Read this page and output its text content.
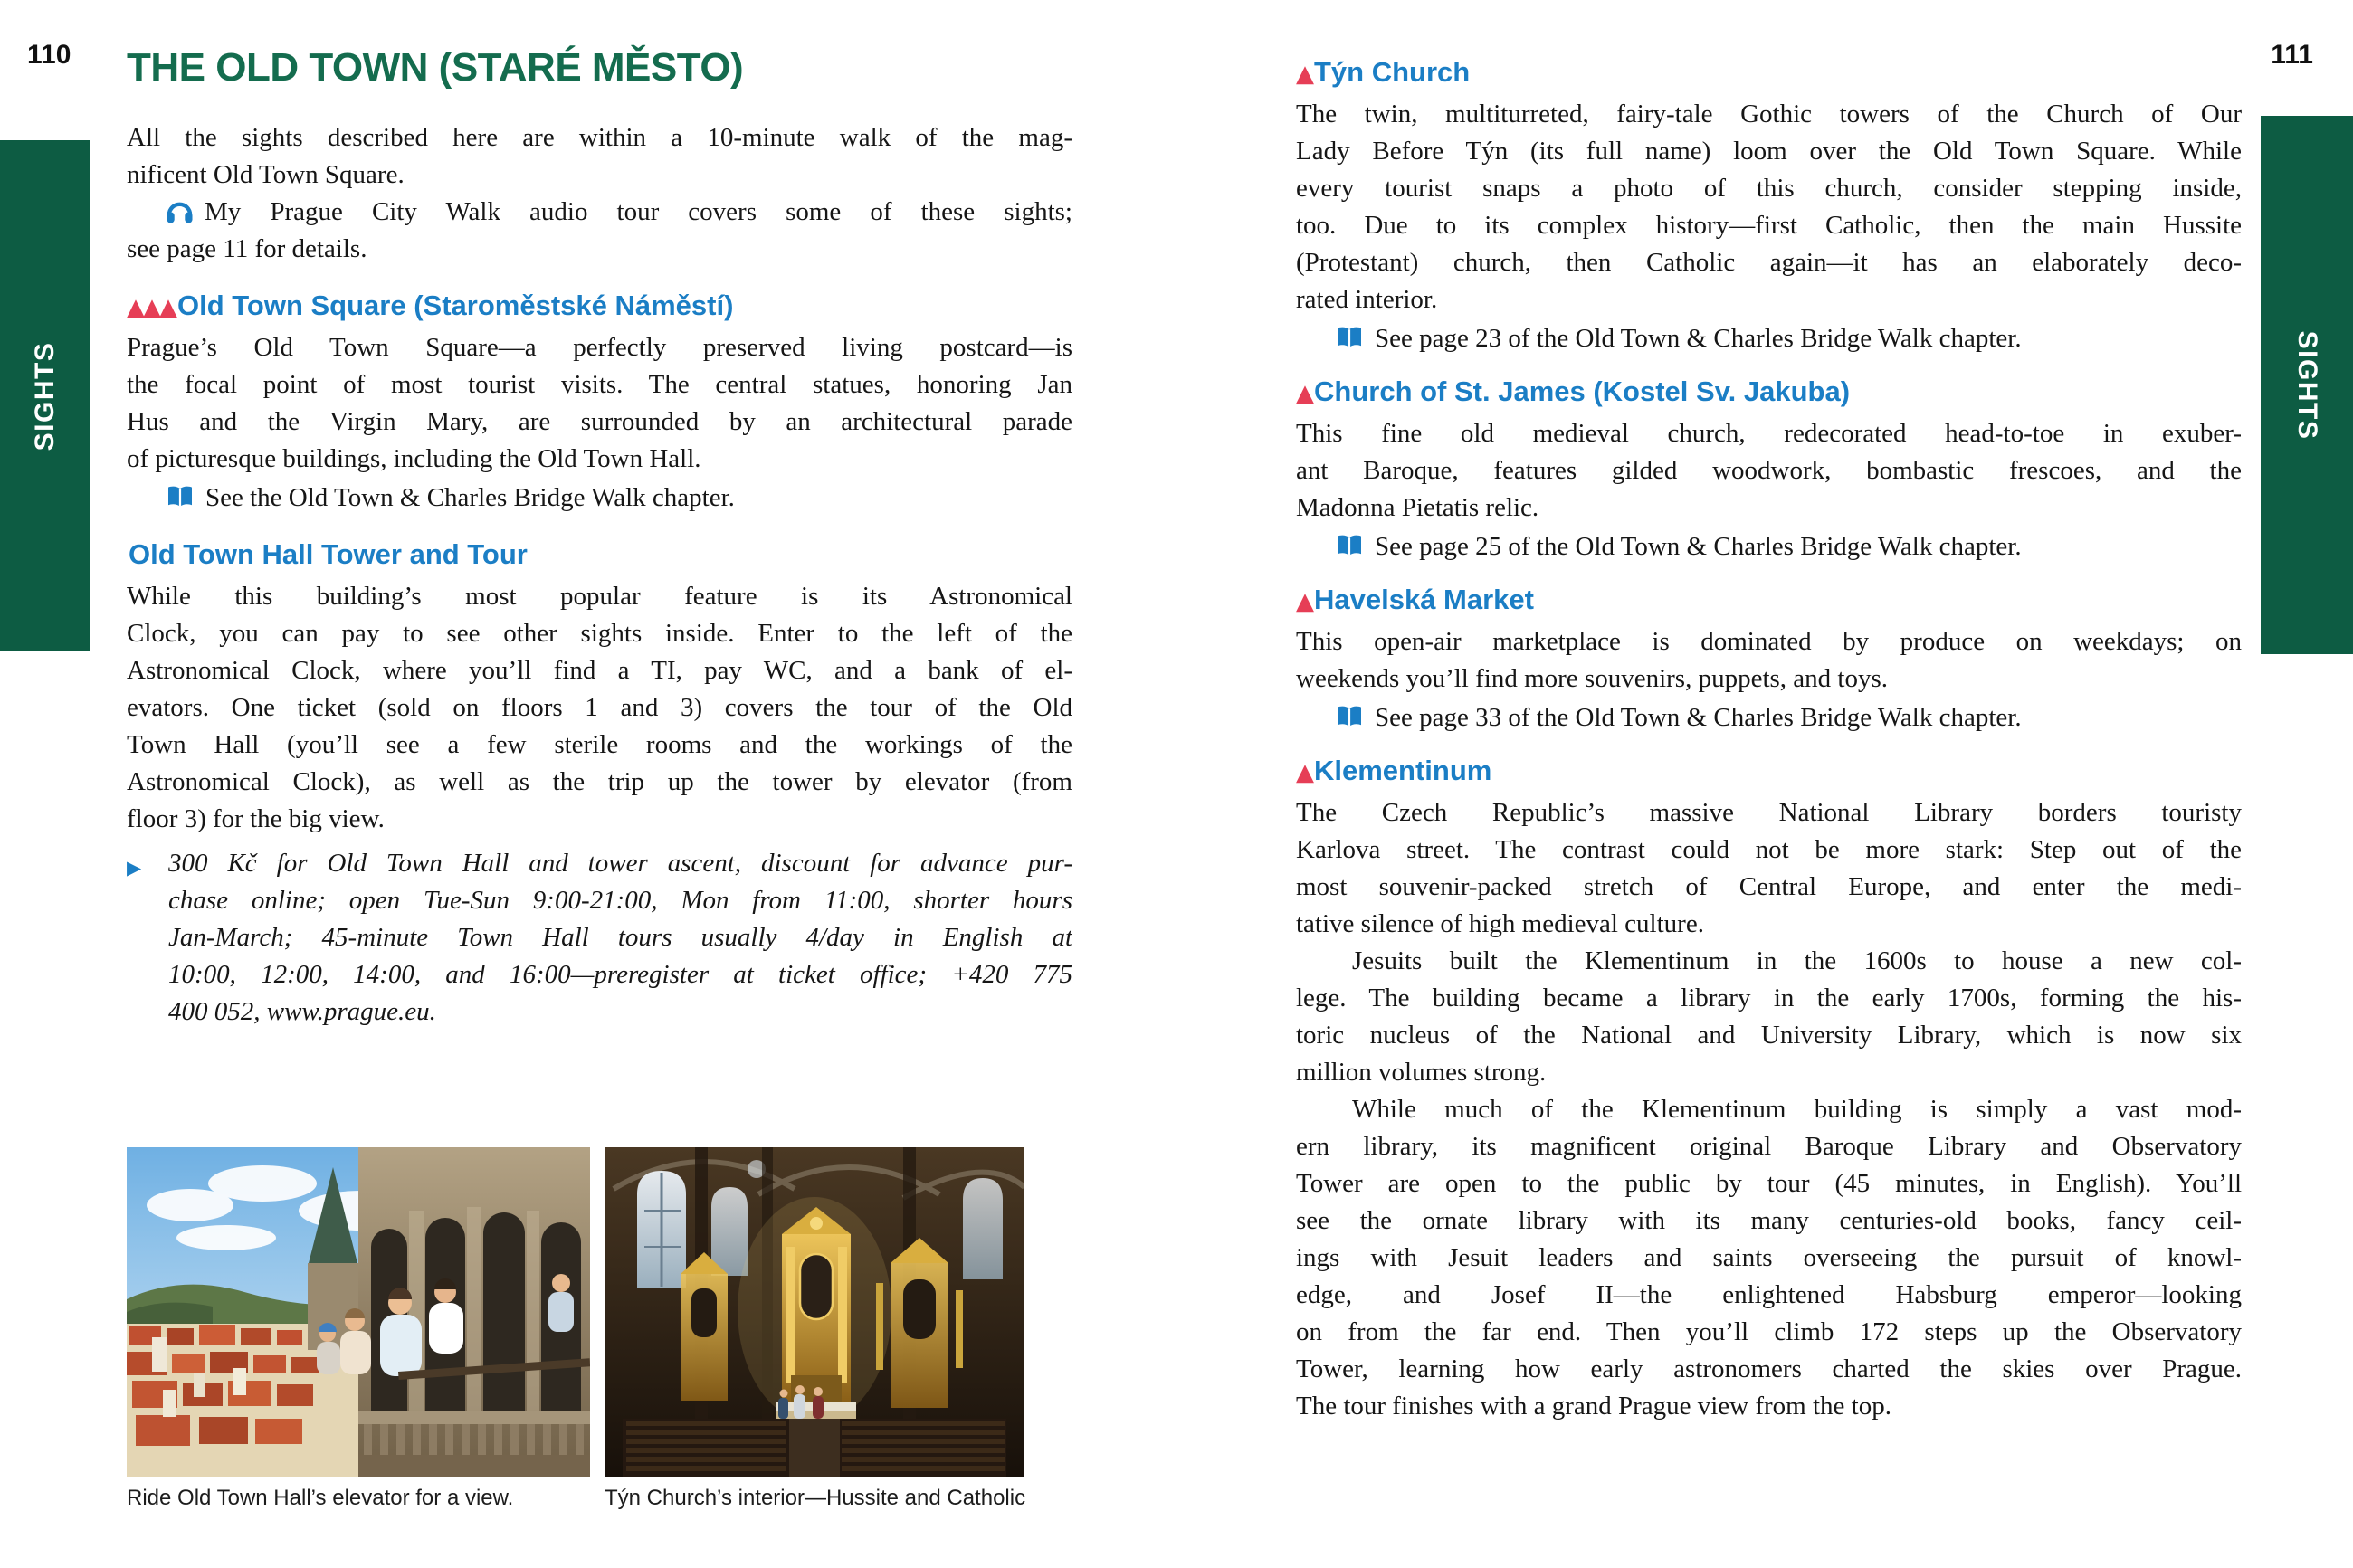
SIGHTS	SIGHTS
110	111
THE OLD TOWN (STARÉ MĚSTO)
All the sights described here are within a 10-minute walk of the mag-
nificent Old Town Square.
My Prague City Walk audio tour covers some of these sights;
see page 11 for details.
▲▲▲Old Town Square (Staroměstské Náměstí)
Prague’s Old Town Square—a perfectly preserved living postcard—is
the focal point of most tourist visits. The central statues, honoring Jan
Hus and the Virgin Mary, are surrounded by an architectural parade
of picturesque buildings, including the Old Town Hall.
See the Old Town & Charles Bridge Walk chapter.
Old Town Hall Tower and Tour
While this building’s most popular feature is its Astronomical
Clock, you can pay to see other sights inside. Enter to the left of the
Astronomical Clock, where you’ll find a TI, pay WC, and a bank of el-
evators. One ticket (sold on floors 1 and 3) covers the tour of the Old
Town Hall (you’ll see a few sterile rooms and the workings of the
Astronomical Clock), as well as the trip up the tower by elevator (from
floor 3) for the big view.
▶	300 Kč for Old Town Hall and tower ascent, discount for advance pur-
chase online; open Tue-Sun 9:00-21:00, Mon from 11:00, shorter hours
Jan-March; 45-minute Town Hall tours usually 4/day in English at
10:00, 12:00, 14:00, and 16:00—preregister at ticket office; +420 775
400 052, www.prague.eu.
Ride Old Town Hall’s elevator for a view.	Týn Church’s interior—Hussite and Catholic
▲Týn Church
The twin, multiturreted, fairy-tale Gothic towers of the Church of Our
Lady Before Týn (its full name) loom over the Old Town Square. While
every tourist snaps a photo of this church, consider stepping inside,
too. Due to its complex history—first Catholic, then the main Hussite
(Protestant) church, then Catholic again—it has an elaborately deco-
rated interior.
See page 23 of the Old Town & Charles Bridge Walk chapter.
▲Church of St. James (Kostel Sv. Jakuba)
This fine old medieval church, redecorated head-to-toe in exuber-
ant Baroque, features gilded woodwork, bombastic frescoes, and the
Madonna Pietatis relic.
See page 25 of the Old Town & Charles Bridge Walk chapter.
▲Havelská Market
This open-air marketplace is dominated by produce on weekdays; on
weekends you’ll find more souvenirs, puppets, and toys.
See page 33 of the Old Town & Charles Bridge Walk chapter.
▲Klementinum
The Czech Republic’s massive National Library borders touristy
Karlova street. The contrast could not be more stark: Step out of the
most souvenir-packed stretch of Central Europe, and enter the medi-
tative silence of high medieval culture.
Jesuits built the Klementinum in the 1600s to house a new col-
lege. The building became a library in the early 1700s, forming the his-
toric nucleus of the National and University Library, which is now six
million volumes strong.
While much of the Klementinum building is simply a vast mod-
ern library, its magnificent original Baroque Library and Observatory
Tower are open to the public by tour (45 minutes, in English). You’ll
see the ornate library with its many centuries-old books, fancy ceil-
ings with Jesuit leaders and saints overseeing the pursuit of knowl-
edge, and Josef II—the enlightened Habsburg emperor—looking
on from the far end. Then you’ll climb 172 steps up the Observatory
Tower, learning how early astronomers charted the skies over Prague.
The tour finishes with a grand Prague view from the top.
